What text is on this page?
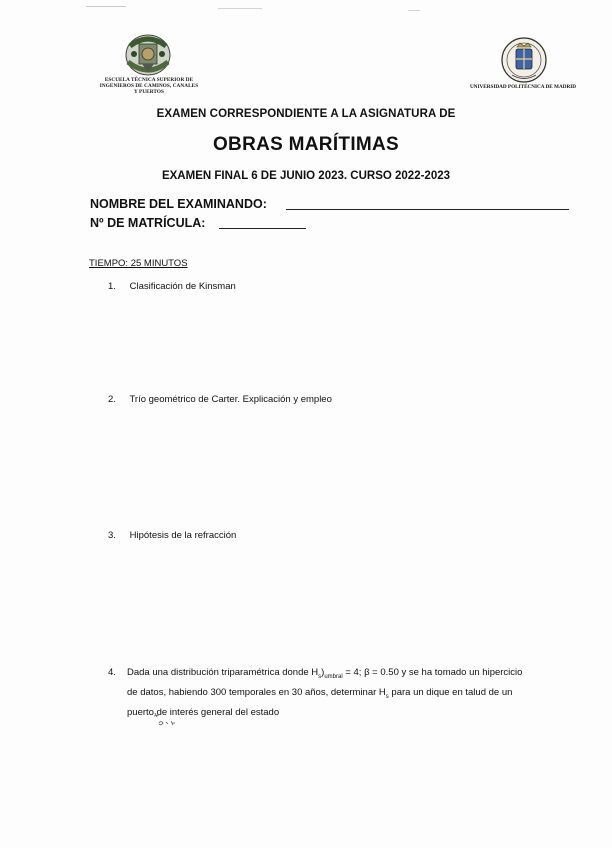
ESCUELA TÉCNICA SUPERIOR DE
INGENIEROS DE CAMINOS, CANALES
Y PUERTOS
UNIVERSIDAD POLITÉCNICA DE MADRID
EXAMEN CORRESPONDIENTE A LA ASIGNATURA DE
OBRAS MARÍTIMAS
EXAMEN FINAL 6 DE JUNIO 2023. CURSO 2022-2023
NOMBRE DEL EXAMINANDO:
Nº DE MATRÍCULA:
TIEMPO: 25 MINUTOS
1. Clasificación de Kinsman
2. Trío geométrico de Carter. Explicación y empleo
3. Hipótesis de la refracción
4.	Dada una distribución triparamétrica donde $H_s)_{umbral} = 4$; β = 0.50 y se ha tomado un hipercicio de datos, habiendo 300 temporales en 30 años, determinar $H_s$ para un dique en talud de un puerto de interés general del estado
